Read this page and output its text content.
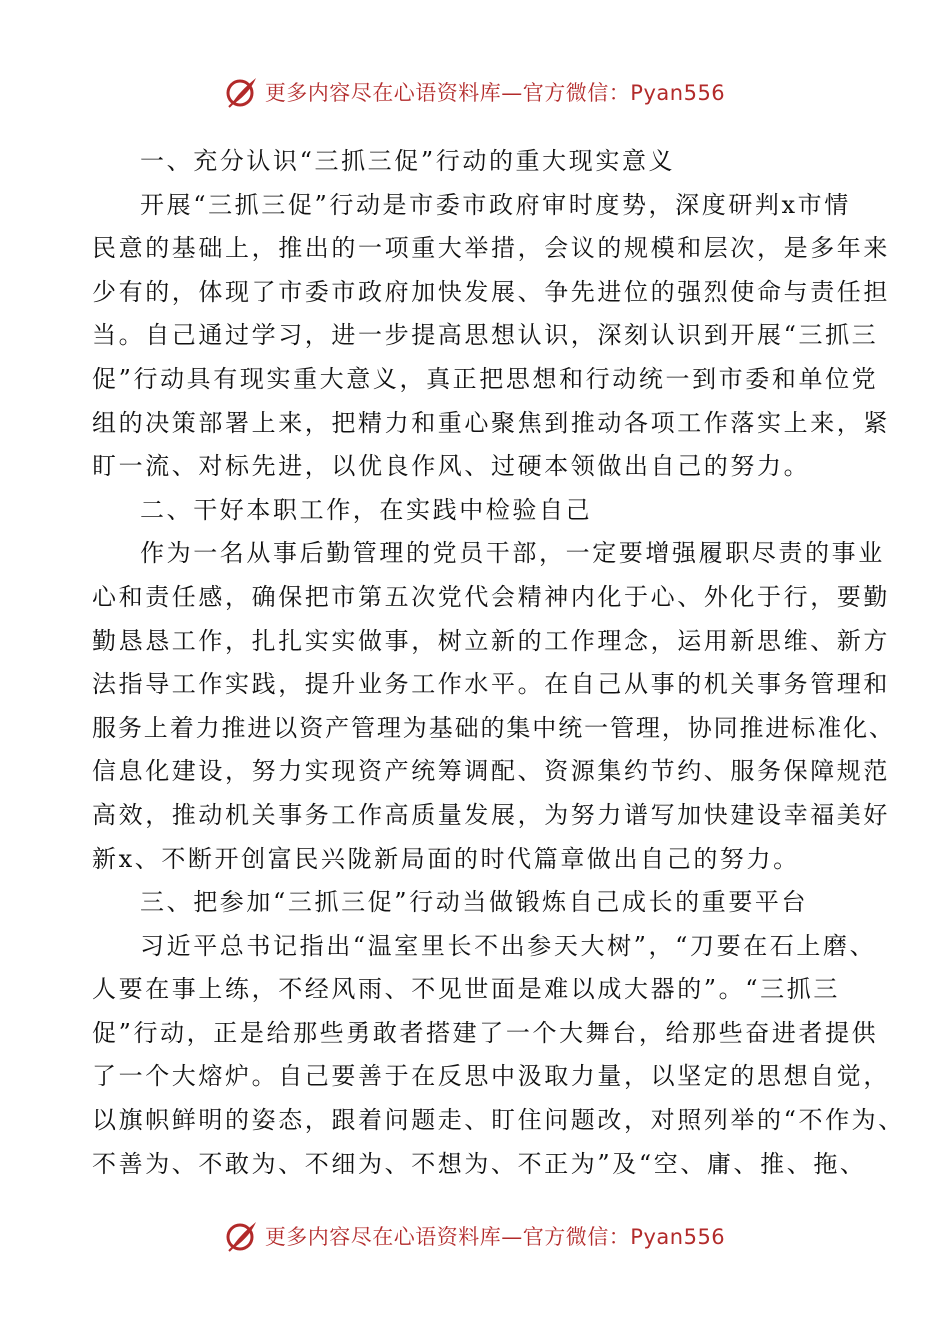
更多内容尽在心语资料库—官方微信：Pyan556
一、充分认识“三抓三促”行动的重大现实意义
开展“三抓三促”行动是市委市政府审时度势，深度研判x市情
民意的基础上，推出的一项重大举措，会议的规模和层次，是多年来
少有的，体现了市委市政府加快发展、争先进位的强烈使命与责任担
当。自己通过学习，进一步提高思想认识，深刻认识到开展“三抓三
促”行动具有现实重大意义，真正把思想和行动统一到市委和单位党
组的决策部署上来，把精力和重心聚焦到推动各项工作落实上来，紧
盯一流、对标先进，以优良作风、过硬本领做出自己的努力。
二、干好本职工作，在实践中检验自己
作为一名从事后勤管理的党员干部，一定要增强履职尽责的事业
心和责任感，确保把市第五次党代会精神内化于心、外化于行，要勤
勤恳恳工作，扎扎实实做事，树立新的工作理念，运用新思维、新方
法指导工作实践，提升业务工作水平。在自己从事的机关事务管理和
服务上着力推进以资产管理为基础的集中统一管理，协同推进标准化、
信息化建设，努力实现资产统筹调配、资源集约节约、服务保障规范
高效，推动机关事务工作高质量发展，为努力谱写加快建设幸福美好
新x、不断开创富民兴陇新局面的时代篇章做出自己的努力。
三、把参加“三抓三促”行动当做锻炼自己成长的重要平台
习近平总书记指出“温室里长不出参天大树”，“刀要在石上磨、
人要在事上练，不经风雨、不见世面是难以成大器的”。“三抓三
促”行动，正是给那些勇敢者搭建了一个大舞台，给那些奋进者提供
了一个大熔炉。自己要善于在反思中汲取力量，以坚定的思想自觉，
以旗帜鲜明的姿态，跟着问题走、盯住问题改，对照列举的“不作为、
不善为、不敢为、不细为、不想为、不正为”及“空、庸、推、拖、
更多内容尽在心语资料库—官方微信：Pyan556
